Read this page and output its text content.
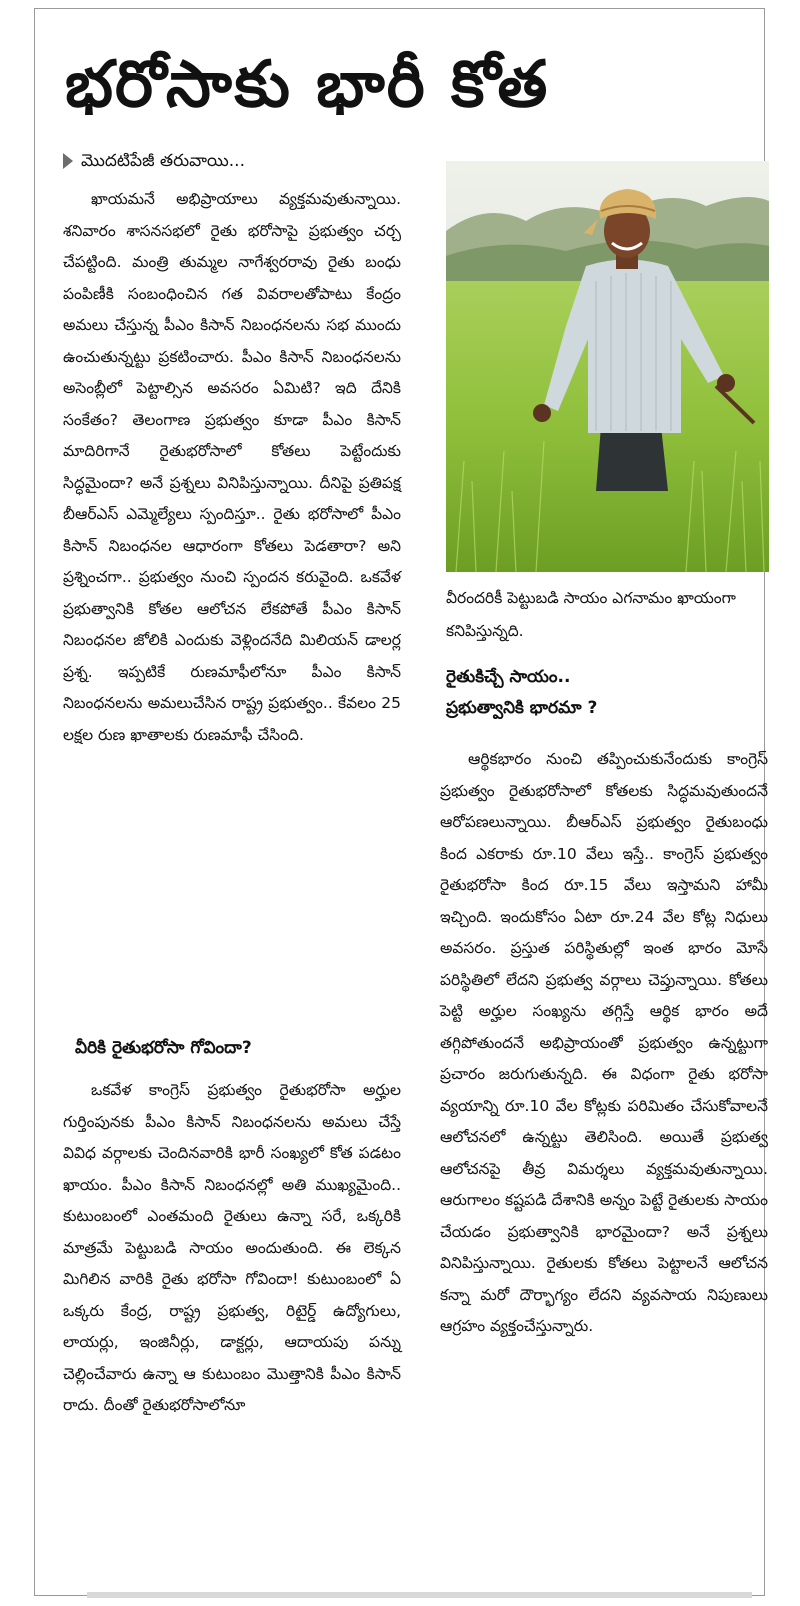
భరోసాకు భారీ కోత
మొదటిపేజీ తరువాయి...

ఖాయమనే అభిప్రాయాలు వ్యక్తమవుతున్నాయి. శనివారం శాసనసభలో రైతు భరోసాపై ప్రభుత్వం చర్చ చేపట్టింది. మంత్రి తుమ్మల నాగేశ్వరరావు రైతు బంధు పంపిణీకి సంబంధించిన గత వివరాలతోపాటు కేంద్రం అమలు చేస్తున్న పీఎం కిసాన్ నిబంధనలను సభ ముందు ఉంచుతున్నట్టు ప్రకటించారు. పీఎం కిసాన్ నిబంధనలను అసెంబ్లీలో పెట్టాల్సిన అవసరం ఏమిటి? ఇది దేనికి సంకేతం? తెలంగాణ ప్రభుత్వం కూడా పీఎం కిసాన్ మాదిరిగానే రైతుభరోసాలో కోతలు పెట్టేందుకు సిద్ధమైందా? అనే ప్రశ్నలు వినిపిస్తున్నాయి. దీనిపై ప్రతిపక్ష బీఆర్ఎస్ ఎమ్మెల్యేలు స్పందిస్తూ.. రైతు భరోసాలో పీఎం కిసాన్ నిబంధనల ఆధారంగా కోతలు పెడతారా? అని ప్రశ్నించగా.. ప్రభుత్వం నుంచి స్పందన కరువైంది. ఒకవేళ ప్రభుత్వానికి కోతల ఆలోచన లేకపోతే పీఎం కిసాన్ నిబంధనల జోలికి ఎందుకు వెళ్లిందనేది మిలియన్ డాలర్ల ప్రశ్న. ఇప్పటికే రుణమాఫీలోనూ పీఎం కిసాన్ నిబంధనలను అమలుచేసిన రాష్ట్ర ప్రభుత్వం.. కేవలం 25 లక్షల రుణ ఖాతాలకు రుణమాఫీ చేసింది.

వీరికి రైతుభరోసా గోవిందా?

ఒకవేళ కాంగ్రెస్ ప్రభుత్వం రైతుభరోసా అర్హుల గుర్తింపునకు పీఎం కిసాన్ నిబంధనలను అమలు చేస్తే వివిధ వర్గాలకు చెందినవారికి భారీ సంఖ్యలో కోత పడటం ఖాయం. పీఎం కిసాన్ నిబంధనల్లో అతి ముఖ్యమైంది.. కుటుంబంలో ఎంతమంది రైతులు ఉన్నా సరే, ఒక్కరికి మాత్రమే పెట్టుబడి సాయం అందుతుంది. ఈ లెక్కన మిగిలిన వారికి రైతు భరోసా గోవిందా! కుటుంబంలో ఏ ఒక్కరు కేంద్ర, రాష్ట్ర ప్రభుత్వ, రిటైర్డ్ ఉద్యోగులు, లాయర్లు, ఇంజినీర్లు, డాక్టర్లు, ఆదాయపు పన్ను చెల్లించేవారు ఉన్నా ఆ కుటుంబం మొత్తానికి పీఎం కిసాన్ రాదు. దీంతో రైతుభరోసాలోనూ

వీరందరికీ పెట్టుబడి సాయం ఎగనామం ఖాయంగా కనిపిస్తున్నది.
రైతుకిచ్చే సాయం..
ప్రభుత్వానికి భారమా ?

ఆర్థికభారం నుంచి తప్పించుకునేందుకు కాంగ్రెస్ ప్రభుత్వం రైతుభరోసాలో కోతలకు సిద్ధమవుతుందనే ఆరోపణలున్నాయి. బీఆర్ఎస్ ప్రభుత్వం రైతుబంధు కింద ఎకరాకు రూ.10 వేలు ఇస్తే.. కాంగ్రెస్ ప్రభుత్వం రైతుభరోసా కింద రూ.15 వేలు ఇస్తామని హామీ ఇచ్చింది. ఇందుకోసం ఏటా రూ.24 వేల కోట్ల నిధులు అవసరం. ప్రస్తుత పరిస్థితుల్లో ఇంత భారం మోసే పరిస్థితిలో లేదని ప్రభుత్వ వర్గాలు చెప్తున్నాయి. కోతలు పెట్టి అర్హుల సంఖ్యను తగ్గిస్తే ఆర్థిక భారం అదే తగ్గిపోతుందనే అభిప్రాయంతో ప్రభుత్వం ఉన్నట్టుగా ప్రచారం జరుగుతున్నది. ఈ విధంగా రైతు భరోసా వ్యయాన్ని రూ.10 వేల కోట్లకు పరిమితం చేసుకోవాలనే ఆలోచనలో ఉన్నట్టు తెలిసింది. అయితే ప్రభుత్వ ఆలోచనపై తీవ్ర విమర్శలు వ్యక్తమవుతున్నాయి. ఆరుగాలం కష్టపడి దేశానికి అన్నం పెట్టే రైతులకు సాయం చేయడం ప్రభుత్వానికి భారమైందా? అనే ప్రశ్నలు వినిపిస్తున్నాయి. రైతులకు కోతలు పెట్టాలనే ఆలోచన కన్నా మరో దౌర్భాగ్యం లేదని వ్యవసాయ నిపుణులు ఆగ్రహం వ్యక్తంచేస్తున్నారు.
